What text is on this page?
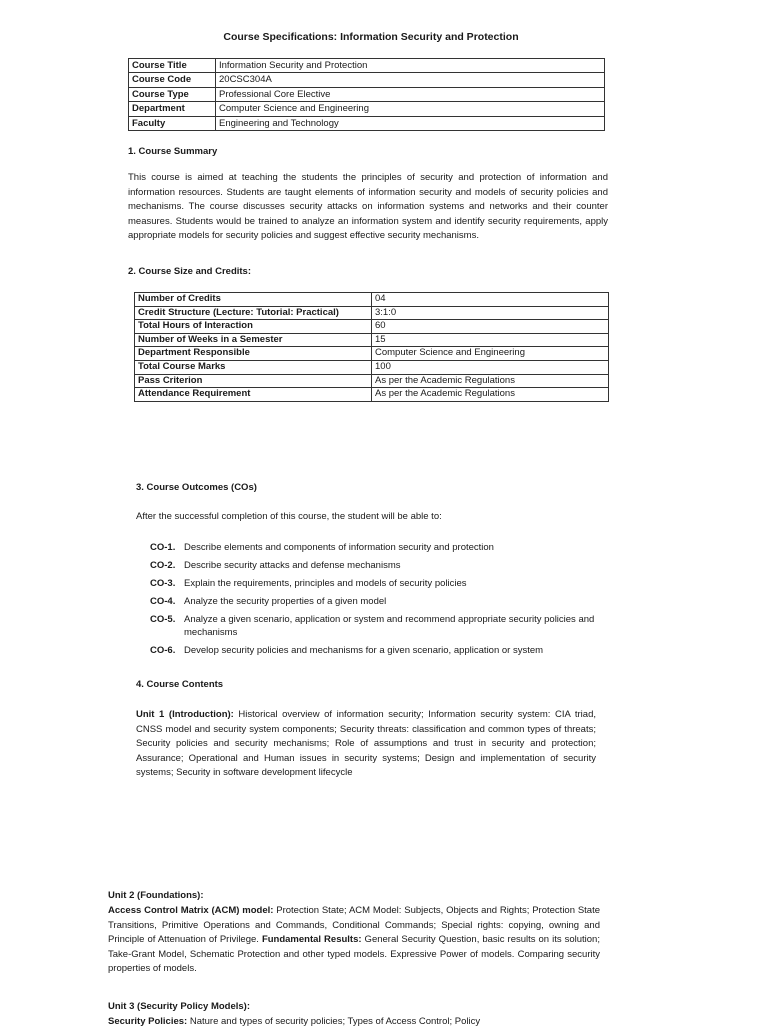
Course Specifications: Information Security and Protection
Course Title	Information Security and Protection
Course Code	20CSC304A
Course Type	Professional Core Elective
Department	Computer Science and Engineering
Faculty	Engineering and Technology
1. Course Summary
This course is aimed at teaching the students the principles of security and protection of information and information resources. Students are taught elements of information security and models of security policies and mechanisms. The course discusses security attacks on information systems and networks and their counter measures. Students would be trained to analyze an information system and identify security requirements, apply appropriate models for security policies and suggest effective security mechanisms.
2. Course Size and Credits:
Number of Credits	04
Credit Structure (Lecture: Tutorial: Practical)	3:1:0
Total Hours of Interaction	60
Number of Weeks in a Semester	15
Department Responsible	Computer Science and Engineering
Total Course Marks	100
Pass Criterion	As per the Academic Regulations
Attendance Requirement	As per the Academic Regulations
3. Course Outcomes (COs)
After the successful completion of this course, the student will be able to:
CO-1. Describe elements and components of information security and protection
CO-2. Describe security attacks and defense mechanisms
CO-3. Explain the requirements, principles and models of security policies
CO-4. Analyze the security properties of a given model
CO-5. Analyze a given scenario, application or system and recommend appropriate security policies and mechanisms
CO-6. Develop security policies and mechanisms for a given scenario, application or system
4. Course Contents
Unit 1 (Introduction): Historical overview of information security; Information security system: CIA triad, CNSS model and security system components; Security threats: classification and common types of threats; Security policies and security mechanisms; Role of assumptions and trust in security and protection; Assurance; Operational and Human issues in security systems; Design and implementation of security systems; Security in software development lifecycle
Unit 2 (Foundations):
Access Control Matrix (ACM) model: Protection State; ACM Model: Subjects, Objects and Rights; Protection State Transitions, Primitive Operations and Commands, Conditional Commands; Special rights: copying, owning and Principle of Attenuation of Privilege. Fundamental Results: General Security Question, basic results on its solution; Take-Grant Model, Schematic Protection and other typed models. Expressive Power of models. Comparing security properties of models.
Unit 3 (Security Policy Models):
Security Policies: Nature and types of security policies; Types of Access Control; Policy
